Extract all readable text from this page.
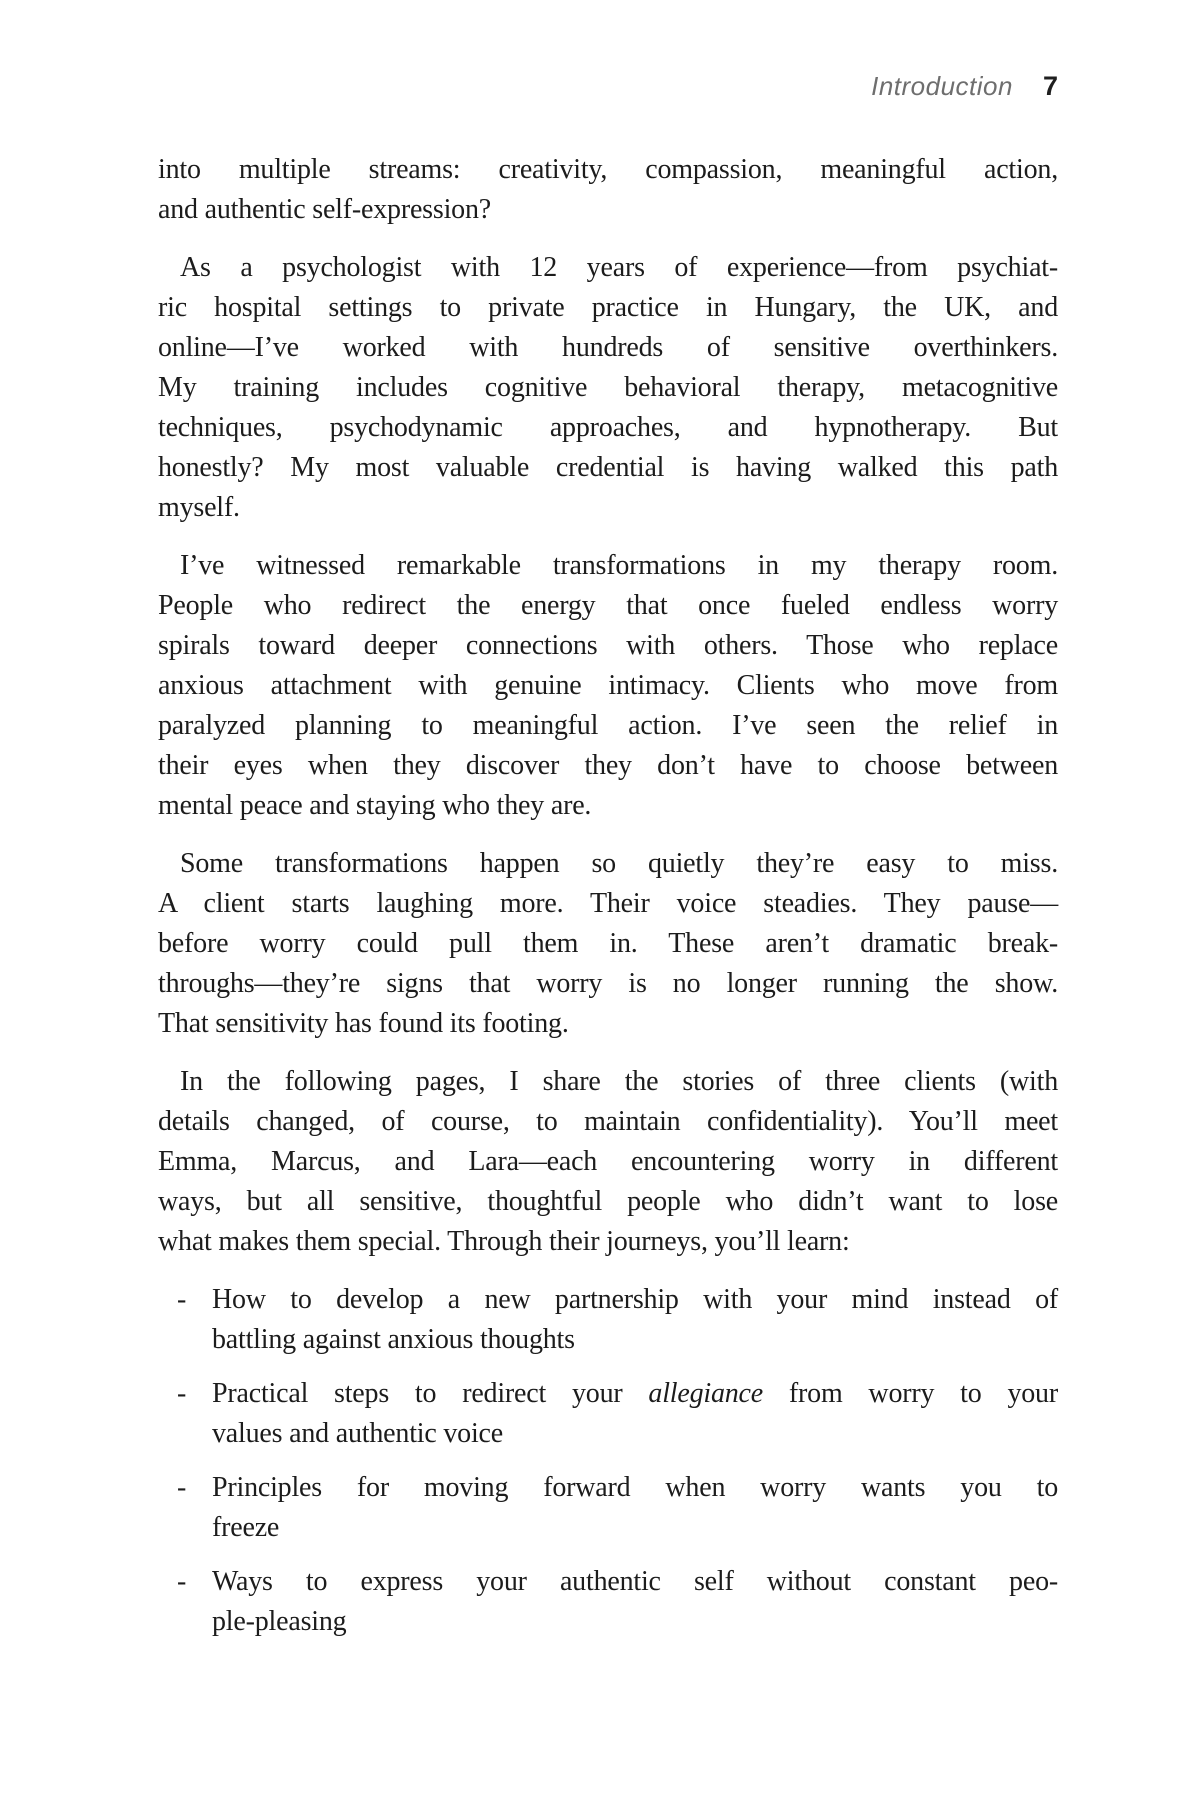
Introduction 7
into multiple streams: creativity, compassion, meaningful action,
and authentic self-expression?
As a psychologist with 12 years of experience—from psychiat-
ric hospital settings to private practice in Hungary, the UK, and
online—I’ve worked with hundreds of sensitive overthinkers.
My training includes cognitive behavioral therapy, metacognitive
techniques, psychodynamic approaches, and hypnotherapy. But
honestly? My most valuable credential is having walked this path
myself.
I’ve witnessed remarkable transformations in my therapy room.
People who redirect the energy that once fueled endless worry
spirals toward deeper connections with others. Those who replace
anxious attachment with genuine intimacy. Clients who move from
paralyzed planning to meaningful action. I’ve seen the relief in
their eyes when they discover they don’t have to choose between
mental peace and staying who they are.
Some transformations happen so quietly they’re easy to miss.
A client starts laughing more. Their voice steadies. They pause—
before worry could pull them in. These aren’t dramatic break-
throughs—they’re signs that worry is no longer running the show.
That sensitivity has found its footing.
In the following pages, I share the stories of three clients (with
details changed, of course, to maintain confidentiality). You’ll meet
Emma, Marcus, and Lara—each encountering worry in different
ways, but all sensitive, thoughtful people who didn’t want to lose
what makes them special. Through their journeys, you’ll learn:
- How to develop a new partnership with your mind instead of
battling against anxious thoughts
- Practical steps to redirect your allegiance from worry to your
values and authentic voice
- Principles for moving forward when worry wants you to
freeze
- Ways to express your authentic self without constant peo-
ple-pleasing
